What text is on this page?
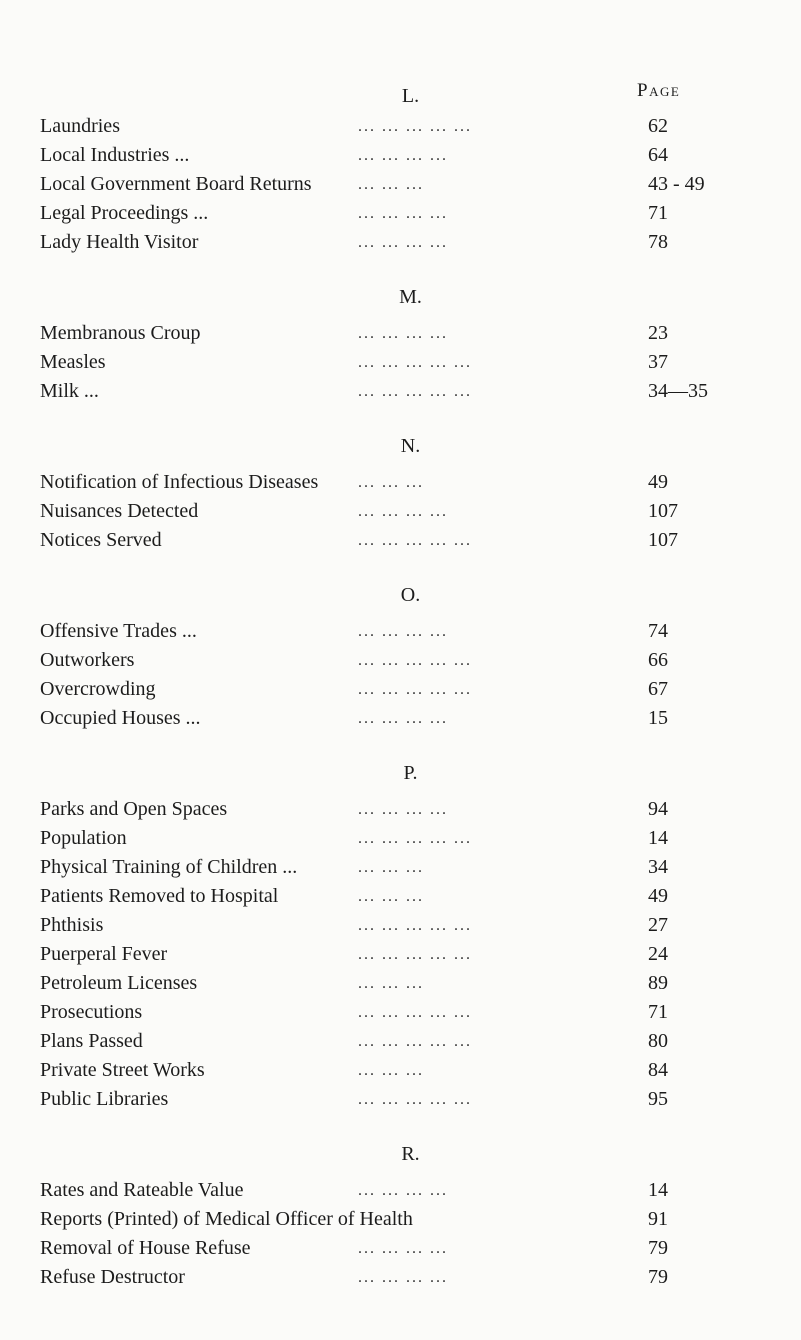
Page
L.
Laundries	... ... ... ... ...	62
Local Industries ...	... ... ... ...	64
Local Government Board Returns	... ... ...	43 - 49
Legal Proceedings ...	... ... ... ...	71
Lady Health Visitor	... ... ... ...	78
M.
Membranous Croup	... ... ... ...	23
Measles	... ... ... ... ...	37
Milk ...	... ... ... ... ...	34—35
N.
Notification of Infectious Diseases ... ... ...	49
Nuisances Detected	... ... ... ...	107
Notices Served	... ... ... ... ...	107
O.
Offensive Trades ...	... ... ... ...	74
Outworkers	... ... ... ... ...	66
Overcrowding	... ... ... ... ...	67
Occupied Houses ...	... ... ... ...	15
P.
Parks and Open Spaces	... ... ... ...	94
Population	... ... ... ... ...	14
Physical Training of Children ...	... ... ...	34
Patients Removed to Hospital	... ... ...	49
Phthisis	... ... ... ... ...	27
Puerperal Fever	... ... ... ... ...	24
Petroleum Licenses	... ... ...	89
Prosecutions	... ... ... ... ...	71
Plans Passed	... ... ... ... ...	80
Private Street Works	... ... ...	84
Public Libraries	... ... ... ... ...	95
R.
Rates and Rateable Value	... ... ... ...	14
Reports (Printed) of Medical Officer of Health	91
Removal of House Refuse	... ... ... ...	79
Refuse Destructor	... ... ... ...	79
